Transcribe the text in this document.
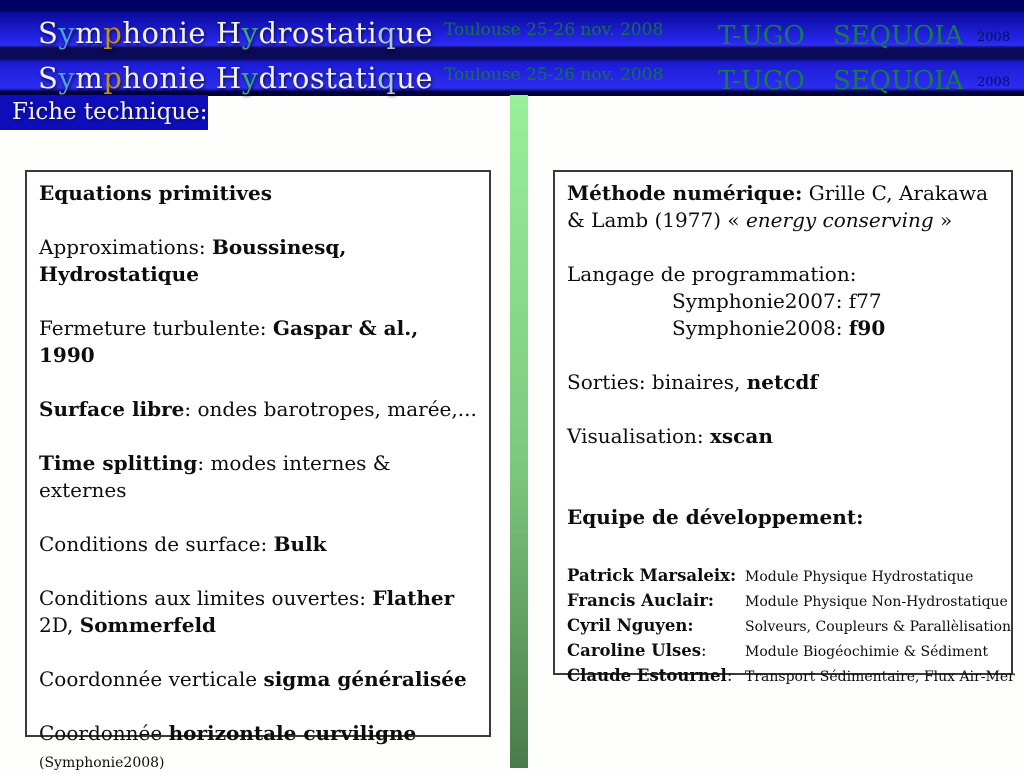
Symphonie Hydrostatique Toulouse 25-26 nov. 2008 T-UGO SEQUOIA 2008
Symphonie Hydrostatique Toulouse 25-26 nov. 2008 T-UGO SEQUOIA 2008
Fiche technique:

Equations primitives

Approximations: Boussinesq,
Hydrostatique

Fermeture turbulente: Gaspar & al., 1990

Surface libre: ondes barotropes, marée,...

Time splitting: modes internes & externes

Conditions de surface: Bulk

Conditions aux limites ouvertes: Flather
2D, Sommerfeld

Coordonnée verticale sigma généralisée

Coordonnée horizontale curviligne
(Symphonie2008)

Méthode numérique: Grille C, Arakawa
& Lamb (1977) « energy conserving »

Langage de programmation:

Symphonie2007: f77

Symphonie2008: f90

Sorties: binaires, netcdf

Visualisation: xscan

Equipe de développement:

Patrick Marsaleix: Module Physique Hydrostatique
Francis Auclair: Module Physique Non-Hydrostatique
Cyril Nguyen:	Solveurs, Coupleurs & Parallèlisation
Caroline Ulses:	Module Biogéochimie & Sédiment
Claude Estournel: Transport Sédimentaire, Flux Air-Mer
